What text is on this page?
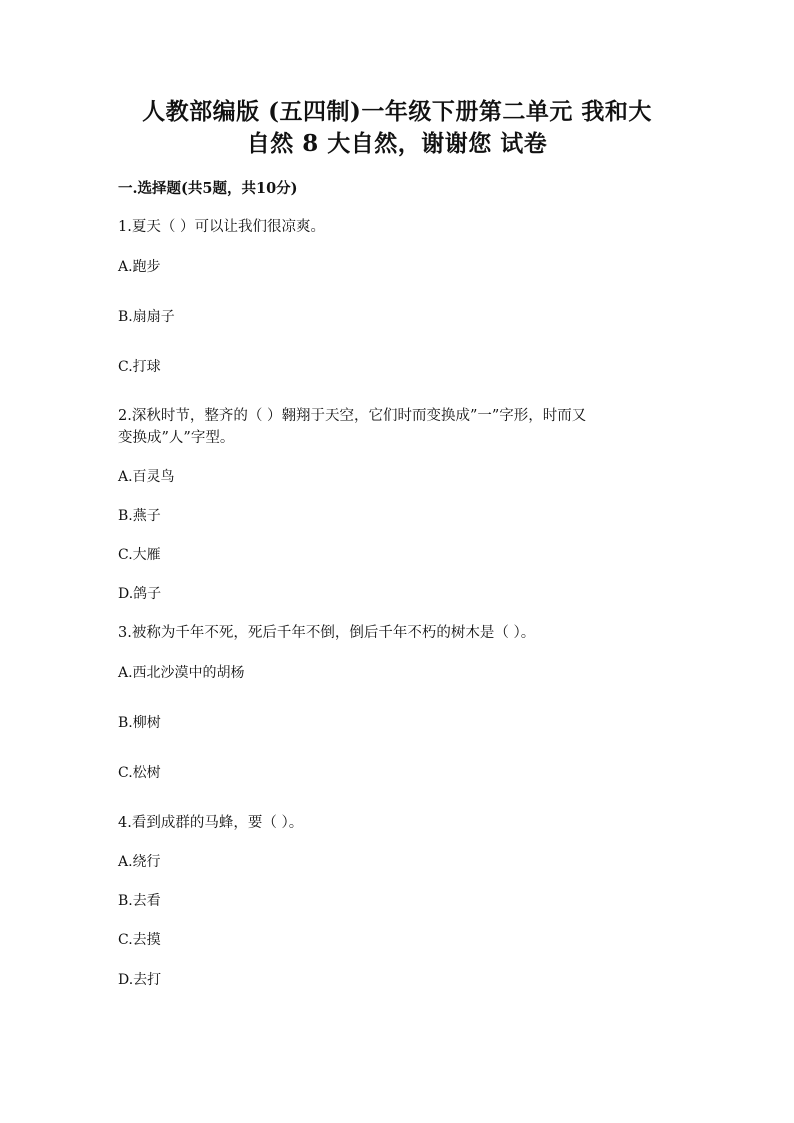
人教部编版 (五四制)一年级下册第二单元 我和大
自然 8 大自然，谢谢您 试卷
一.选择题(共5题，共10分)
1.夏天（ ）可以让我们很凉爽。
A.跑步
B.扇扇子
C.打球
2.深秋时节，整齐的（ ）翱翔于天空，它们时而变换成”一”字形，时而又
变换成”人”字型。
A.百灵鸟
B.燕子
C.大雁
D.鸽子
3.被称为千年不死，死后千年不倒，倒后千年不朽的树木是（ ）。
A.西北沙漠中的胡杨
B.柳树
C.松树
4.看到成群的马蜂，要（ ）。
A.绕行
B.去看
C.去摸
D.去打
